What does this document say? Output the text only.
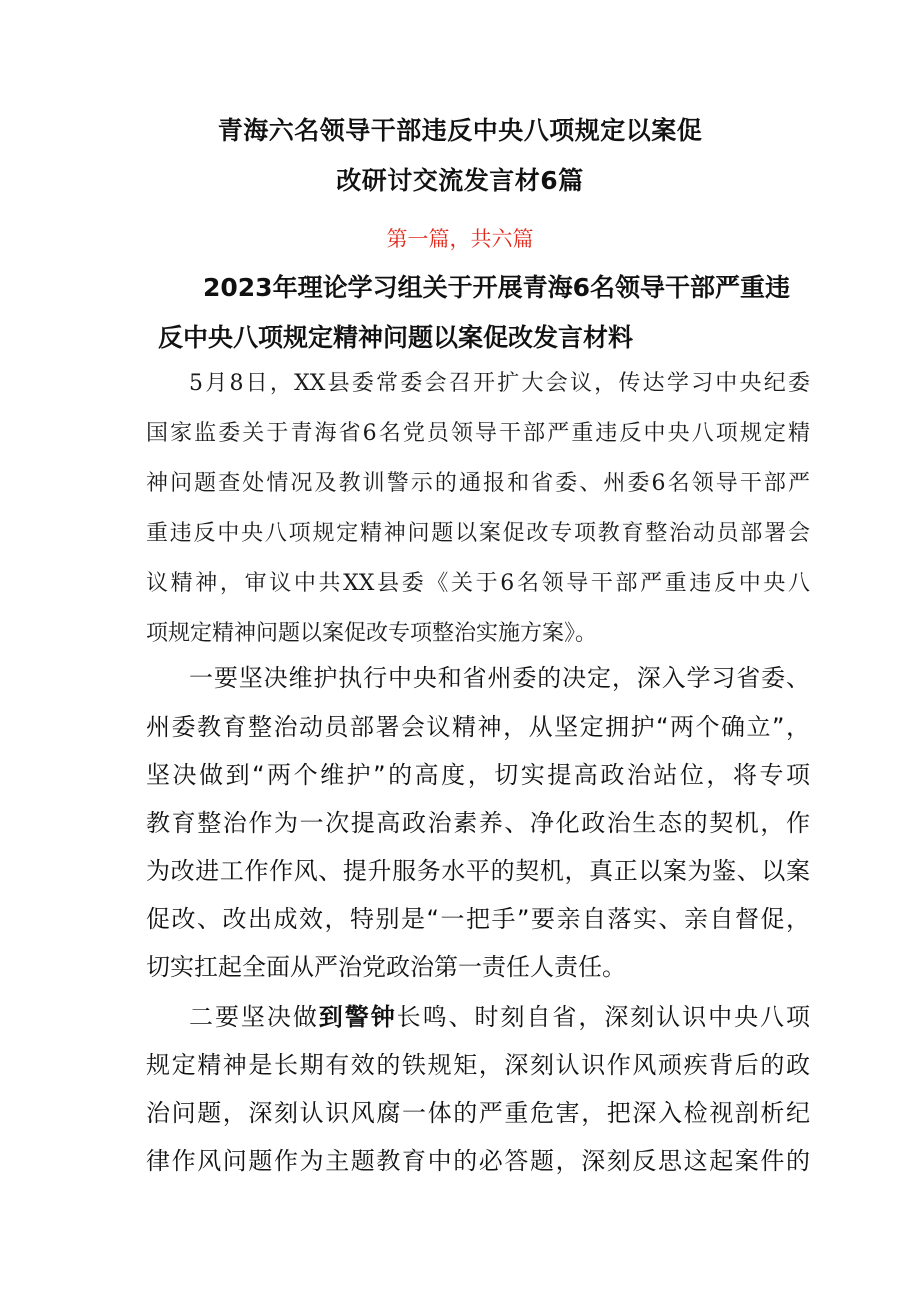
青海六名领导干部违反中央八项规定以案促
改研讨交流发言材6篇
第一篇，共六篇
2023年理论学习组关于开展青海6名领导干部严重违
反中央八项规定精神问题以案促改发言材料
5月8日，XX县委常委会召开扩大会议，传达学习中央纪委
国家监委关于青海省6名党员领导干部严重违反中央八项规定精
神问题查处情况及教训警示的通报和省委、州委6名领导干部严
重违反中央八项规定精神问题以案促改专项教育整治动员部署会
议精神，审议中共XX县委《关于6名领导干部严重违反中央八
项规定精神问题以案促改专项整治实施方案》。
一要坚决维护执行中央和省州委的决定，深入学习省委、
州委教育整治动员部署会议精神，从坚定拥护“两个确立”，
坚决做到“两个维护”的高度，切实提高政治站位，将专项
教育整治作为一次提高政治素养、净化政治生态的契机，作
为改进工作作风、提升服务水平的契机，真正以案为鉴、以案
促改、改出成效，特别是“一把手”要亲自落实、亲自督促，
切实扛起全面从严治党政治第一责任人责任。
二要坚决做到警钟长鸣、时刻自省，深刻认识中央八项
规定精神是长期有效的铁规矩，深刻认识作风顽疾背后的政
治问题，深刻认识风腐一体的严重危害，把深入检视剖析纪
律作风问题作为主题教育中的必答题，深刻反思这起案件的
